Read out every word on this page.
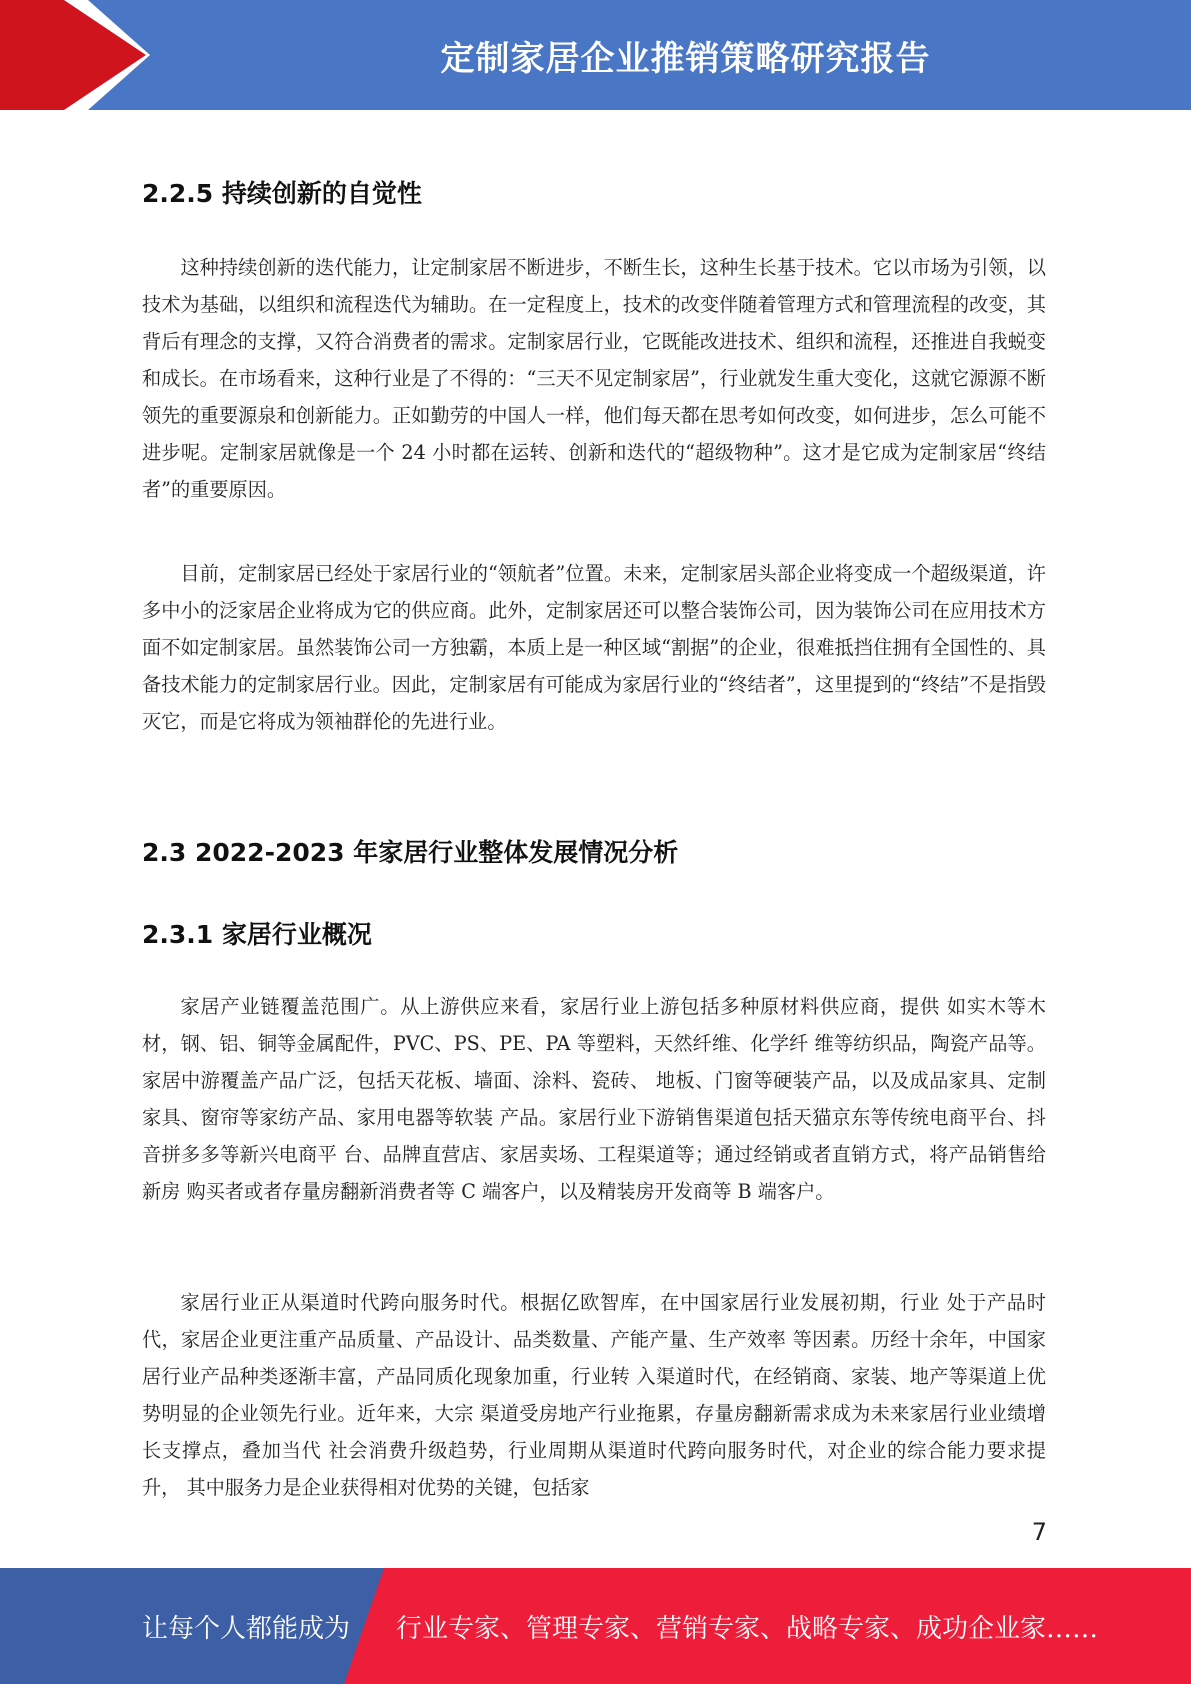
定制家居企业推销策略研究报告
2.2.5 持续创新的自觉性

这种持续创新的迭代能力，让定制家居不断进步，不断生长，这种生长基于技术。它以市场为引领，以技术为基础，以组织和流程迭代为辅助。在一定程度上，技术的改变伴随着管理方式和管理流程的改变，其背后有理念的支撑，又符合消费者的需求。定制家居行业，它既能改进技术、组织和流程，还推进自我蜕变和成长。在市场看来，这种行业是了不得的：“三天不见定制家居”，行业就发生重大变化，这就它源源不断领先的重要源泉和创新能力。正如勤劳的中国人一样，他们每天都在思考如何改变，如何进步，怎么可能不进步呢。定制家居就像是一个 24 小时都在运转、创新和迭代的“超级物种”。这才是它成为定制家居“终结者”的重要原因。

目前，定制家居已经处于家居行业的“领航者”位置。未来，定制家居头部企业将变成一个超级渠道，许多中小的泛家居企业将成为它的供应商。此外，定制家居还可以整合装饰公司，因为装饰公司在应用技术方面不如定制家居。虽然装饰公司一方独霸，本质上是一种区域“割据”的企业，很难抵挡住拥有全国性的、具备技术能力的定制家居行业。因此，定制家居有可能成为家居行业的“终结者”，这里提到的“终结”不是指毁灭它，而是它将成为领袖群伦的先进行业。

2.3 2022-2023 年家居行业整体发展情况分析
2.3.1 家居行业概况

家居产业链覆盖范围广。从上游供应来看，家居行业上游包括多种原材料供应商，提供 如实木等木材，钢、铝、铜等金属配件，PVC、PS、PE、PA 等塑料，天然纤维、化学纤 维等纺织品，陶瓷产品等。家居中游覆盖产品广泛，包括天花板、墙面、涂料、瓷砖、 地板、门窗等硬装产品，以及成品家具、定制家具、窗帘等家纺产品、家用电器等软装 产品。家居行业下游销售渠道包括天猫京东等传统电商平台、抖音拼多多等新兴电商平 台、品牌直营店、家居卖场、工程渠道等；通过经销或者直销方式，将产品销售给新房 购买者或者存量房翻新消费者等 C 端客户，以及精装房开发商等 B 端客户。

家居行业正从渠道时代跨向服务时代。根据亿欧智库，在中国家居行业发展初期，行业 处于产品时代，家居企业更注重产品质量、产品设计、品类数量、产能产量、生产效率 等因素。历经十余年，中国家居行业产品种类逐渐丰富，产品同质化现象加重，行业转 入渠道时代，在经销商、家装、地产等渠道上优势明显的企业领先行业。近年来，大宗 渠道受房地产行业拖累，存量房翻新需求成为未来家居行业业绩增长支撑点，叠加当代 社会消费升级趋势，行业周期从渠道时代跨向服务时代，对企业的综合能力要求提升， 其中服务力是企业获得相对优势的关键，包括家

7
让每个人都能成为 行业专家、管理专家、营销专家、战略专家、成功企业家……
